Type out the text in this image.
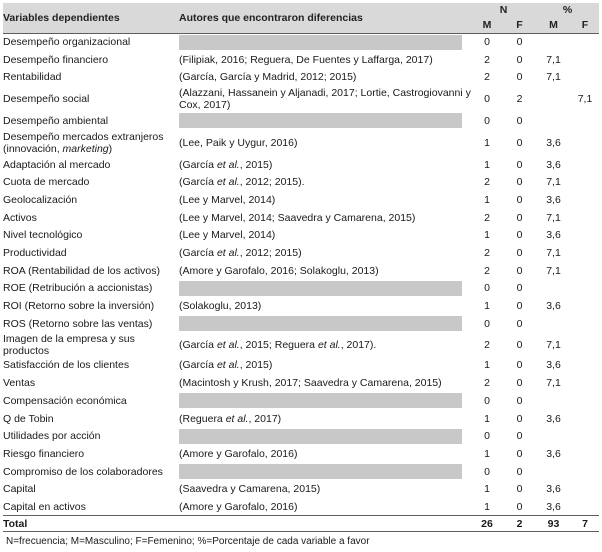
Variables dependientes	Autores que encontraron diferencias	N		%	
		M	F	M	F
Desempeño organizacional		0	0		
Desempeño financiero	(Filipiak, 2016; Reguera, De Fuentes y Laffarga, 2017)	2	0	7,1	
Rentabilidad	(García, García y Madrid, 2012; 2015)	2	0	7,1	
Desempeño social	(Alazzani, Hassanein y Aljanadi, 2017; Lortie, Castrogiovanni y Cox, 2017)	0	2		7,1
Desempeño ambiental		0	0		
Desempeño mercados extranjeros (innovación, marketing)	(Lee, Paik y Uygur, 2016)	1	0	3,6	
Adaptación al mercado	(García et al., 2015)	1	0	3,6	
Cuota de mercado	(García et al., 2012; 2015).	2	0	7,1	
Geolocalización	(Lee y Marvel, 2014)	1	0	3,6	
Activos	(Lee y Marvel, 2014; Saavedra y Camarena, 2015)	2	0	7,1	
Nivel tecnológico	(Lee y Marvel, 2014)	1	0	3,6	
Productividad	(García et al., 2012; 2015)	2	0	7,1	
ROA (Rentabilidad de los activos)	(Amore y Garofalo, 2016; Solakoglu, 2013)	2	0	7,1	
ROE (Retribución a accionistas)		0	0		
ROI (Retorno sobre la inversión)	(Solakoglu, 2013)	1	0	3,6	
ROS (Retorno sobre las ventas)		0	0		
Imagen de la empresa y sus productos	(García et al., 2015; Reguera et al., 2017).	2	0	7,1	
Satisfacción de los clientes	(García et al., 2015)	1	0	3,6	
Ventas	(Macintosh y Krush, 2017; Saavedra y Camarena, 2015)	2	0	7,1	
Compensación económica		0	0		
Q de Tobin	(Reguera et al., 2017)	1	0	3,6	
Utilidades por acción		0	0		
Riesgo financiero	(Amore y Garofalo, 2016)	1	0	3,6	
Compromiso de los colaboradores		0	0		
Capital	(Saavedra y Camarena, 2015)	1	0	3,6	
Capital en activos	(Amore y Garofalo, 2016)	1	0	3,6	
Total		26	2	93	7
N=frecuencia; M=Masculino; F=Femenino; %=Porcentaje de cada variable a favor
